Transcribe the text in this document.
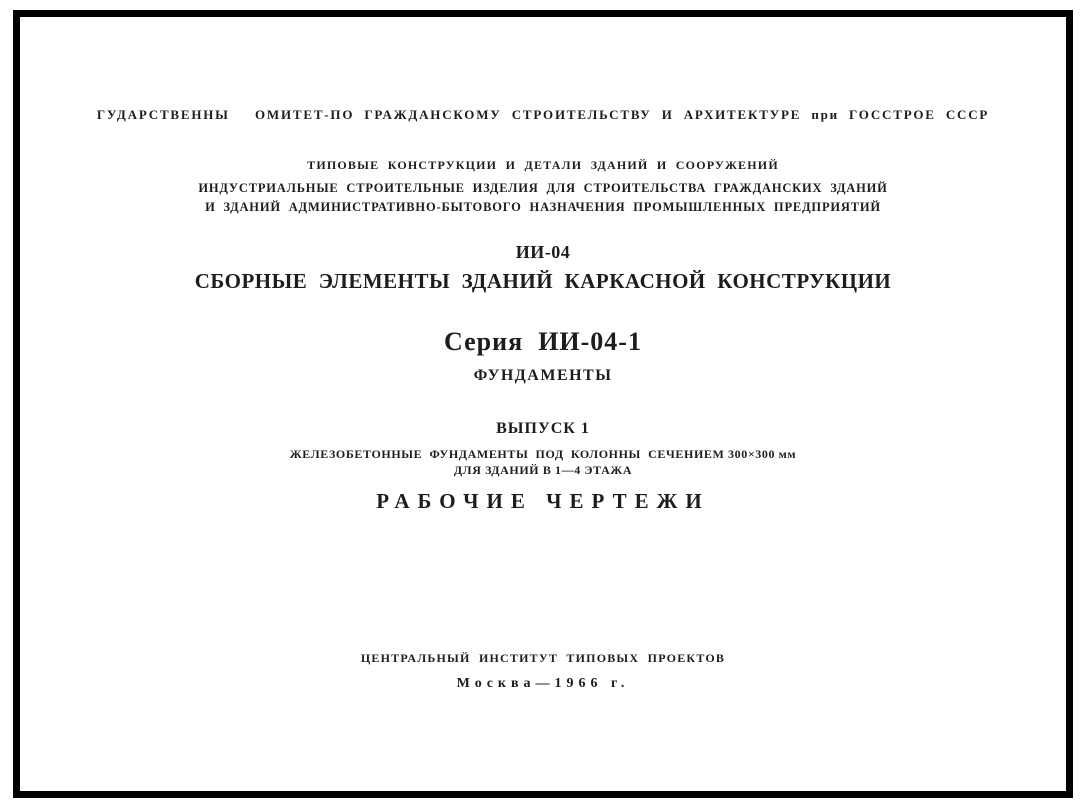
ГУДАРСТВЕННЫ     ОМИТЕТ-ПО  ГРАЖДАНСКОМУ  СТРОИТЕЛЬСТВУ  И  АРХИТЕКТУРЕ  при  ГОССТРОЕ  СССР
ТИПОВЫЕ  КОНСТРУКЦИИ  И  ДЕТАЛИ  ЗДАНИЙ  И  СООРУЖЕНИЙ
ИНДУСТРИАЛЬНЫЕ  СТРОИТЕЛЬНЫЕ  ИЗДЕЛИЯ  ДЛЯ  СТРОИТЕЛЬСТВА  ГРАЖДАНСКИХ  ЗДАНИЙ
И  ЗДАНИЙ  АДМИНИСТРАТИВНО-БЫТОВОГО  НАЗНАЧЕНИЯ  ПРОМЫШЛЕННЫХ  ПРЕДПРИЯТИЙ
ИИ-04
СБОРНЫЕ  ЭЛЕМЕНТЫ  ЗДАНИЙ  КАРКАСНОЙ  КОНСТРУКЦИИ
Серия  ИИ-04-1
ФУНДАМЕНТЫ
ВЫПУСК 1
ЖЕЛЕЗОБЕТОННЫЕ  ФУНДАМЕНТЫ  ПОД  КОЛОННЫ  СЕЧЕНИЕМ 300×300 мм
ДЛЯ ЗДАНИЙ В 1—4 ЭТАЖА
РАБОЧИЕ ЧЕРТЕЖИ
ЦЕНТРАЛЬНЫЙ  ИНСТИТУТ  ТИПОВЫХ  ПРОЕКТОВ
Москва—1966 г.
